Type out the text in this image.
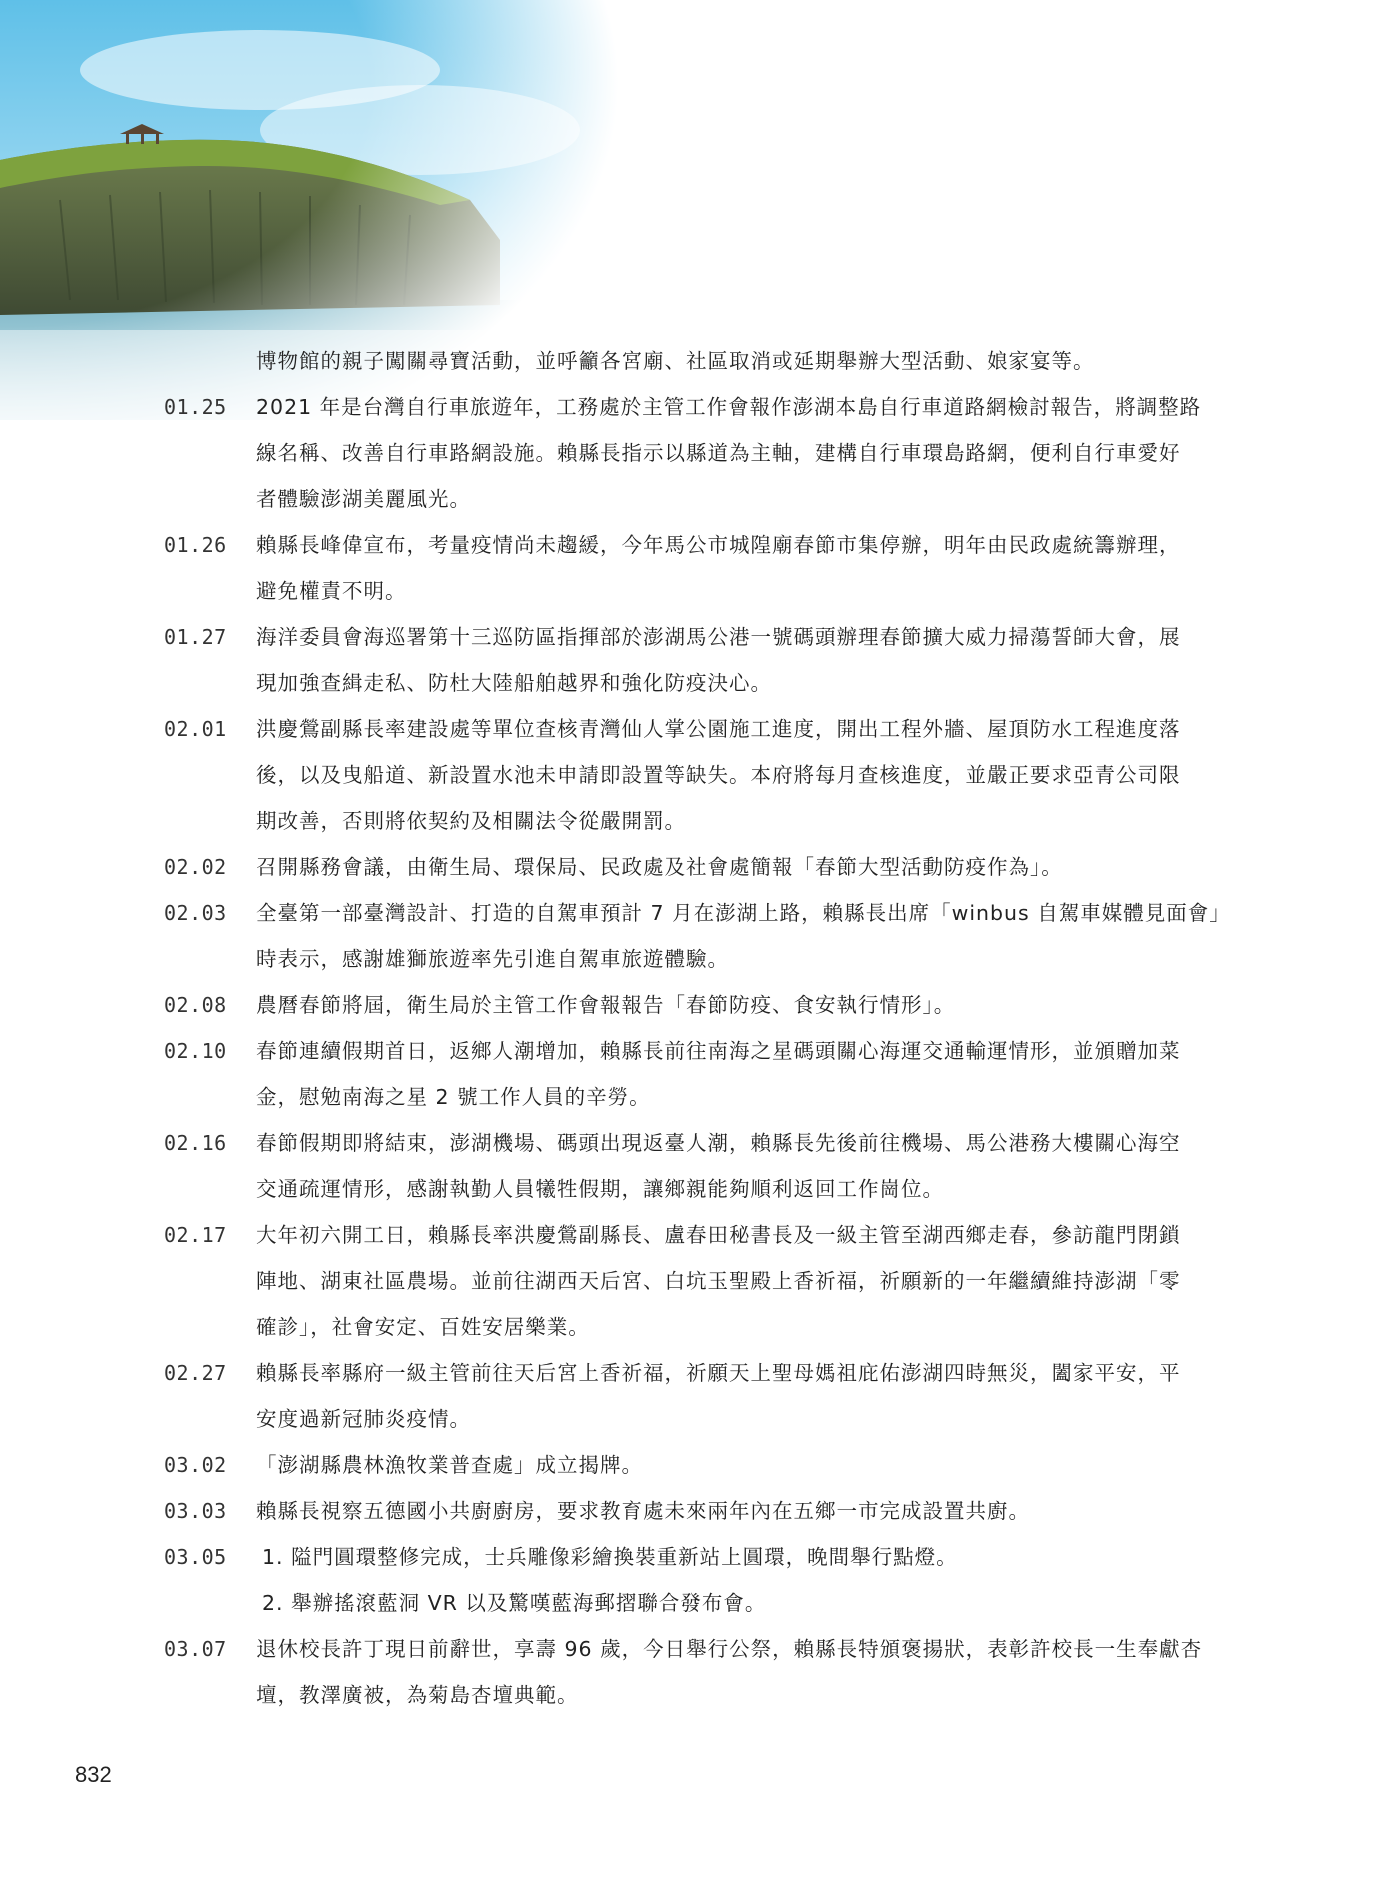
博物館的親子闖關尋寶活動，並呼籲各宮廟、社區取消或延期舉辦大型活動、娘家宴等。
01.25	2021 年是台灣自行車旅遊年，工務處於主管工作會報作澎湖本島自行車道路網檢討報告，將調整路
線名稱、改善自行車路網設施。賴縣長指示以縣道為主軸，建構自行車環島路網，便利自行車愛好
者體驗澎湖美麗風光。
01.26	賴縣長峰偉宣布，考量疫情尚未趨緩，今年馬公市城隍廟春節市集停辦，明年由民政處統籌辦理，
避免權責不明。
01.27	海洋委員會海巡署第十三巡防區指揮部於澎湖馬公港一號碼頭辦理春節擴大威力掃蕩誓師大會，展
現加強查緝走私、防杜大陸船舶越界和強化防疫決心。
02.01	洪慶鶯副縣長率建設處等單位查核青灣仙人掌公園施工進度，開出工程外牆、屋頂防水工程進度落
後，以及曳船道、新設置水池未申請即設置等缺失。本府將每月查核進度，並嚴正要求亞青公司限
期改善，否則將依契約及相關法令從嚴開罰。
02.02	召開縣務會議，由衛生局、環保局、民政處及社會處簡報「春節大型活動防疫作為」。
02.03	全臺第一部臺灣設計、打造的自駕車預計 7 月在澎湖上路，賴縣長出席「winbus 自駕車媒體見面會」
時表示，感謝雄獅旅遊率先引進自駕車旅遊體驗。
02.08	農曆春節將屆，衛生局於主管工作會報報告「春節防疫、食安執行情形」。
02.10	春節連續假期首日，返鄉人潮增加，賴縣長前往南海之星碼頭關心海運交通輸運情形，並頒贈加菜
金，慰勉南海之星 2 號工作人員的辛勞。
02.16	春節假期即將結束，澎湖機場、碼頭出現返臺人潮，賴縣長先後前往機場、馬公港務大樓關心海空
交通疏運情形，感謝執勤人員犧牲假期，讓鄉親能夠順利返回工作崗位。
02.17	大年初六開工日，賴縣長率洪慶鶯副縣長、盧春田秘書長及一級主管至湖西鄉走春，參訪龍門閉鎖
陣地、湖東社區農場。並前往湖西天后宮、白坑玉聖殿上香祈福，祈願新的一年繼續維持澎湖「零
確診」，社會安定、百姓安居樂業。
02.27	賴縣長率縣府一級主管前往天后宮上香祈福，祈願天上聖母媽祖庇佑澎湖四時無災，闔家平安，平
安度過新冠肺炎疫情。
03.02	「澎湖縣農林漁牧業普查處」成立揭牌。
03.03	賴縣長視察五德國小共廚廚房，要求教育處未來兩年內在五鄉一市完成設置共廚。
03.05	1. 隘門圓環整修完成，士兵雕像彩繪換裝重新站上圓環，晚間舉行點燈。
2. 舉辦搖滾藍洞 VR 以及驚嘆藍海郵摺聯合發布會。
03.07	退休校長許丁現日前辭世，享壽 96 歲，今日舉行公祭，賴縣長特頒褒揚狀，表彰許校長一生奉獻杏
壇，教澤廣被，為菊島杏壇典範。
832
